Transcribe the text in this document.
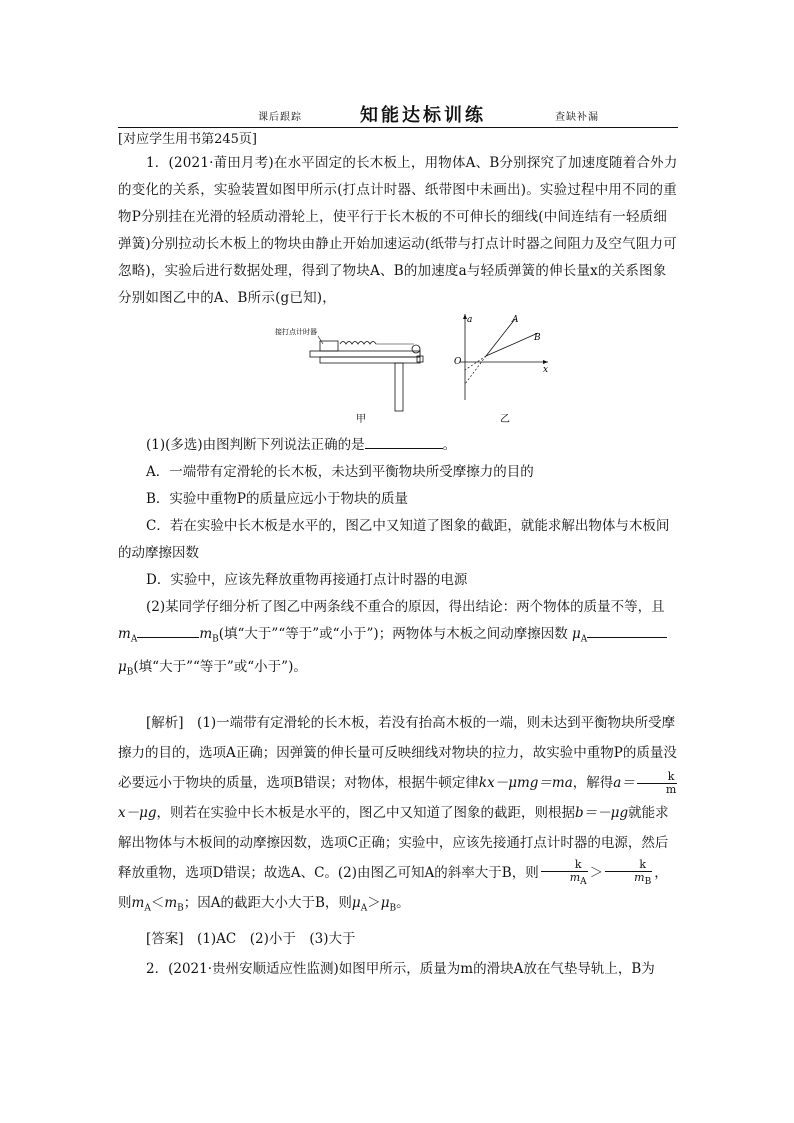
课后跟踪	知能达标训练	查缺补漏
[对应学生用书第245页]
1．(2021·莆田月考)在水平固定的长木板上，用物体A、B分别探究了加速度随着合外力的变化的关系，实验装置如图甲所示(打点计时器、纸带图中未画出)。实验过程中用不同的重物P分别挂在光滑的轻质动滑轮上，使平行于长木板的不可伸长的细线(中间连结有一轻质细弹簧)分别拉动长木板上的物块由静止开始加速运动(纸带与打点计时器之间阻力及空气阻力可忽略)，实验后进行数据处理，得到了物块A、B的加速度a与轻质弹簧的伸长量x的关系图象分别如图乙中的A、B所示(g已知)，
接打点计时器
甲
a
x
O
A
B
乙

(1)(多选)由图判断下列说法正确的是	。

A．一端带有定滑轮的长木板，未达到平衡物块所受摩擦力的目的

B．实验中重物P的质量应远小于物块的质量

C．若在实验中长木板是水平的，图乙中又知道了图象的截距，就能求解出物体与木板间的动摩擦因数

D．实验中，应该先释放重物再接通打点计时器的电源

(2)某同学仔细分析了图乙中两条线不重合的原因，得出结论：两个物体的质量不等，且 $m_A$	$m_B$(填“大于”“等于”或“小于”)；两物体与木板之间动摩擦因数 $\mu_A\mu_B$(填“大于”“等于”或“小于”)。

[解析]　 (1)一端带有定滑轮的长木板，若没有抬高木板的一端，则未达到平衡物块所受摩擦力的目的，选项A正确；因弹簧的伸长量可反映细线对物块的拉力，故实验中重物P的质量没必要远小于物块的质量，选项B错误；对物体，根据牛顿定律kx－μmg＝ma，解得$a= \frac{k}{m}$
x－μg，则若在实验中长木板是水平的，图乙中又知道了图象的截距，则根据b＝－μg就能求解出物体与木板间的动摩擦因数，选项C正确；实验中，应该先接通打点计时器的电源，然后释放重物，选项D错误；故选A、C。(2)由图乙可知A的斜率大于B，则 $\frac{k}{m_A} > \frac{k}{m_B}$ ，则$m_A<m_B$；因A的截距大小大于B，则$\mu_A>\mu_B$。

[答案]　 (1)AC　(2)小于　(3)大于

2．(2021·贵州安顺适应性监测)如图甲所示，质量为m的滑块A放在气垫导轨上，B为
